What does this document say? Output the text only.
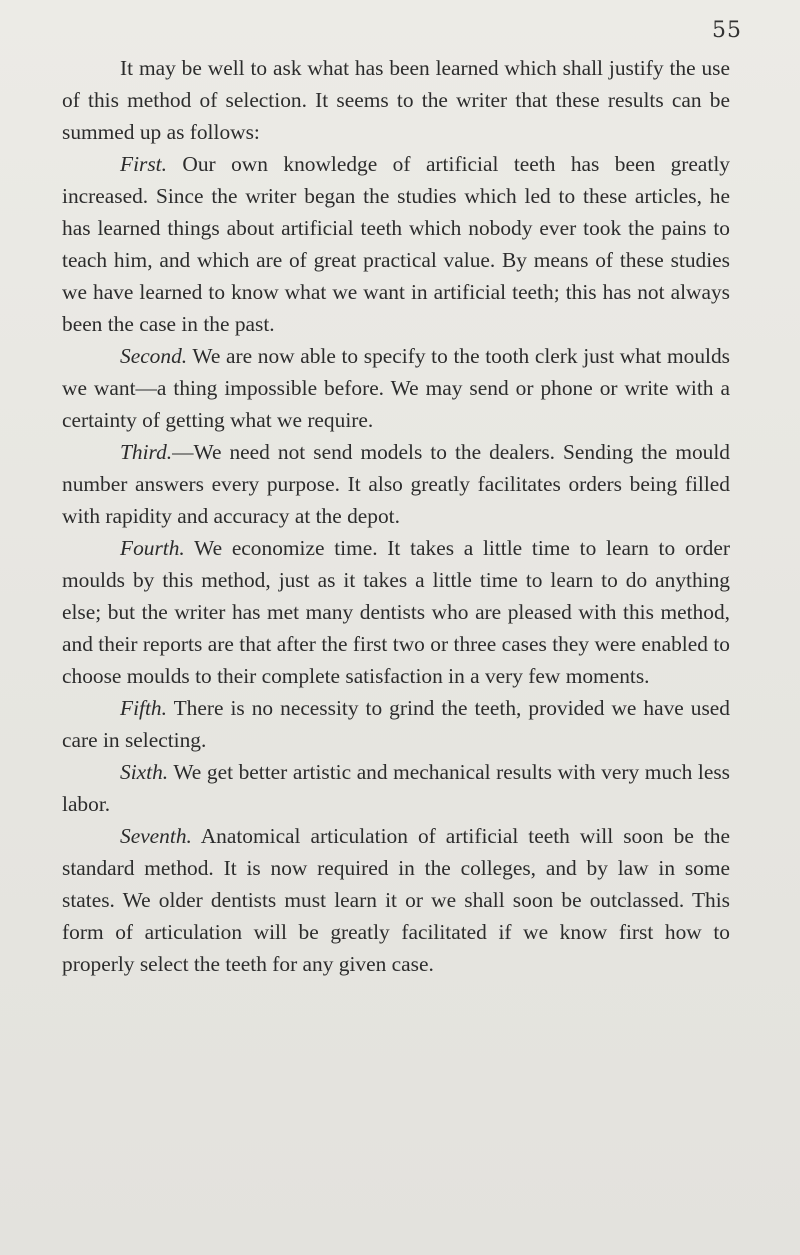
55

It may be well to ask what has been learned which shall justify the use of this method of selection. It seems to the writer that these results can be summed up as follows:

First. Our own knowledge of artificial teeth has been greatly increased. Since the writer began the studies which led to these articles, he has learned things about artificial teeth which nobody ever took the pains to teach him, and which are of great practical value. By means of these studies we have learned to know what we want in artificial teeth; this has not always been the case in the past.

Second. We are now able to specify to the tooth clerk just what moulds we want—a thing impossible before. We may send or phone or write with a certainty of getting what we require.

Third.—We need not send models to the dealers. Sending the mould number answers every purpose. It also greatly facilitates orders being filled with rapidity and accuracy at the depot.

Fourth. We economize time. It takes a little time to learn to order moulds by this method, just as it takes a little time to learn to do anything else; but the writer has met many dentists who are pleased with this method, and their reports are that after the first two or three cases they were enabled to choose moulds to their complete satisfaction in a very few moments.

Fifth. There is no necessity to grind the teeth, provided we have used care in selecting.

Sixth. We get better artistic and mechanical results with very much less labor.

Seventh. Anatomical articulation of artificial teeth will soon be the standard method. It is now required in the colleges, and by law in some states. We older dentists must learn it or we shall soon be outclassed. This form of articulation will be greatly facilitated if we know first how to properly select the teeth for any given case.
